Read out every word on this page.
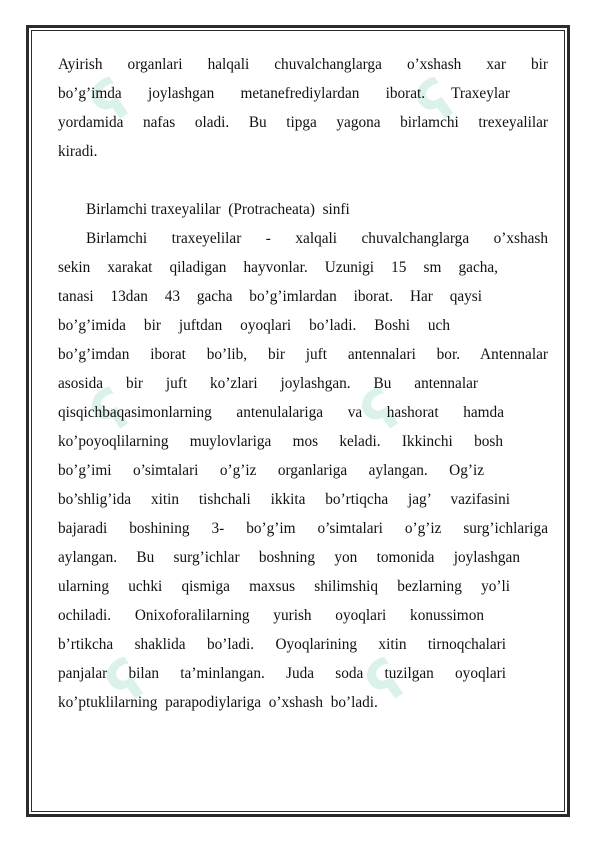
ʕ	ʕ
ʕ	ʕ
ʕ	ʕ
Ayirish organlari halqali chuvalchanglarga o’xshash xar bir
bo’g’imda joylashgan metanefrediylardan iborat. Traxeylar
yordamida nafas oladi. Bu tipga yagona birlamchi trexeyalilar
kiradi.
Birlamchi traxeyalilar  (Protracheata)  sinfi
Birlamchi traxeyelilar - xalqali chuvalchanglarga o’xshash
sekin xarakat qiladigan hayvonlar. Uzunigi 15 sm gacha,
tanasi 13dan 43 gacha bo’g’imlardan iborat. Har qaysi
bo’g’imida bir juftdan oyoqlari bo’ladi. Boshi uch
bo’g’imdan iborat bo’lib, bir juft antennalari bor. Antennalar
asosida bir juft ko’zlari joylashgan. Bu antennalar
qisqichbaqasimonlarning antenulalariga va hashorat hamda
ko’poyoqlilarning muylovlariga mos keladi. Ikkinchi bosh
bo’g’imi o’simtalari o’g’iz organlariga aylangan. Og’iz
bo’shlig’ida xitin tishchali ikkita bo’rtiqcha jag’ vazifasini
bajaradi boshining 3- bo’g’im o’simtalari o’g’iz surg’ichlariga
aylangan. Bu surg’ichlar boshning yon tomonida joylashgan
ularning uchki qismiga maxsus shilimshiq bezlarning yo’li
ochiladi. Onixoforalilarning yurish oyoqlari konussimon
b’rtikcha shaklida bo’ladi. Oyoqlarining xitin tirnoqchalari
panjalar bilan ta’minlangan. Juda soda tuzilgan oyoqlari
ko’ptuklilarning  parapodiylariga  o’xshash  bo’ladi.
